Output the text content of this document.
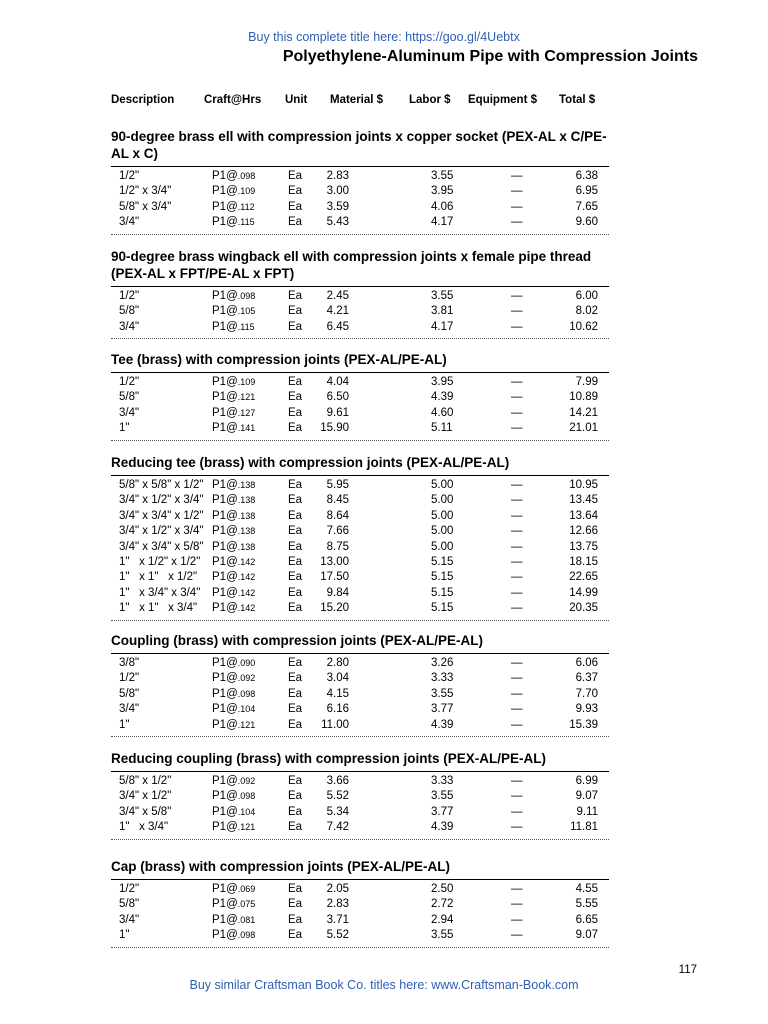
Buy this complete title here: https://goo.gl/4Uebtx
Polyethylene-Aluminum Pipe with Compression Joints
Description	Craft@Hrs Unit Material $ Labor $ Equipment $ Total $
90-degree brass ell with compression joints x copper socket (PEX-AL x C/PE-AL x C)
1/2"	P1@.098	Ea 2.83	3.55	—	6.38
1/2" x 3/4"	P1@.109	Ea 3.00	3.95	—	6.95
5/8" x 3/4"	P1@.112	Ea 3.59	4.06	—	7.65
3/4"	P1@.115	Ea 5.43	4.17	—	9.60
90-degree brass wingback ell with compression joints x female pipe thread (PEX-AL x FPT/PE-AL x FPT)
1/2"	P1@.098	Ea 2.45	3.55	—	6.00
5/8"	P1@.105	Ea 4.21	3.81	—	8.02
3/4"	P1@.115	Ea 6.45	4.17	—	10.62
Tee (brass) with compression joints (PEX-AL/PE-AL)
1/2"	P1@.109	Ea 4.04	3.95	—	7.99
5/8"	P1@.121	Ea 6.50	4.39	—	10.89
3/4"	P1@.127	Ea 9.61	4.60	—	14.21
1"	P1@.141	Ea 15.90	5.11	—	21.01
Reducing tee (brass) with compression joints (PEX-AL/PE-AL)
5/8" x 5/8" x 1/2" P1@.138	Ea 5.95	5.00	—	10.95
3/4" x 1/2" x 3/4" P1@.138	Ea 8.45	5.00	—	13.45
3/4" x 3/4" x 1/2" P1@.138	Ea 8.64	5.00	—	13.64
3/4" x 1/2" x 3/4" P1@.138	Ea 7.66	5.00	—	12.66
3/4" x 3/4" x 5/8" P1@.138	Ea 8.75	5.00	—	13.75
1"   x 1/2" x 1/2" P1@.142	Ea 13.00	5.15	—	18.15
1"   x 1"   x 1/2" P1@.142	Ea 17.50	5.15	—	22.65
1"   x 3/4" x 3/4" P1@.142	Ea 9.84	5.15	—	14.99
1"   x 1"   x 3/4" P1@.142	Ea 15.20	5.15	—	20.35
Coupling (brass) with compression joints (PEX-AL/PE-AL)
3/8"	P1@.090	Ea 2.80	3.26	—	6.06
1/2"	P1@.092	Ea 3.04	3.33	—	6.37
5/8"	P1@.098	Ea 4.15	3.55	—	7.70
3/4"	P1@.104	Ea 6.16	3.77	—	9.93
1"	P1@.121	Ea 11.00	4.39	—	15.39
Reducing coupling (brass) with compression joints (PEX-AL/PE-AL)
5/8" x 1/2"	P1@.092	Ea 3.66	3.33	—	6.99
3/4" x 1/2"	P1@.098	Ea 5.52	3.55	—	9.07
3/4" x 5/8"	P1@.104	Ea 5.34	3.77	—	9.11
1"   x 3/4"	P1@.121	Ea 7.42	4.39	—	11.81
Cap (brass) with compression joints (PEX-AL/PE-AL)
1/2"	P1@.069	Ea 2.05	2.50	—	4.55
5/8"	P1@.075	Ea 2.83	2.72	—	5.55
3/4"	P1@.081	Ea 3.71	2.94	—	6.65
1"	P1@.098	Ea 5.52	3.55	—	9.07
117
Buy similar Craftsman Book Co. titles here: www.Craftsman-Book.com
